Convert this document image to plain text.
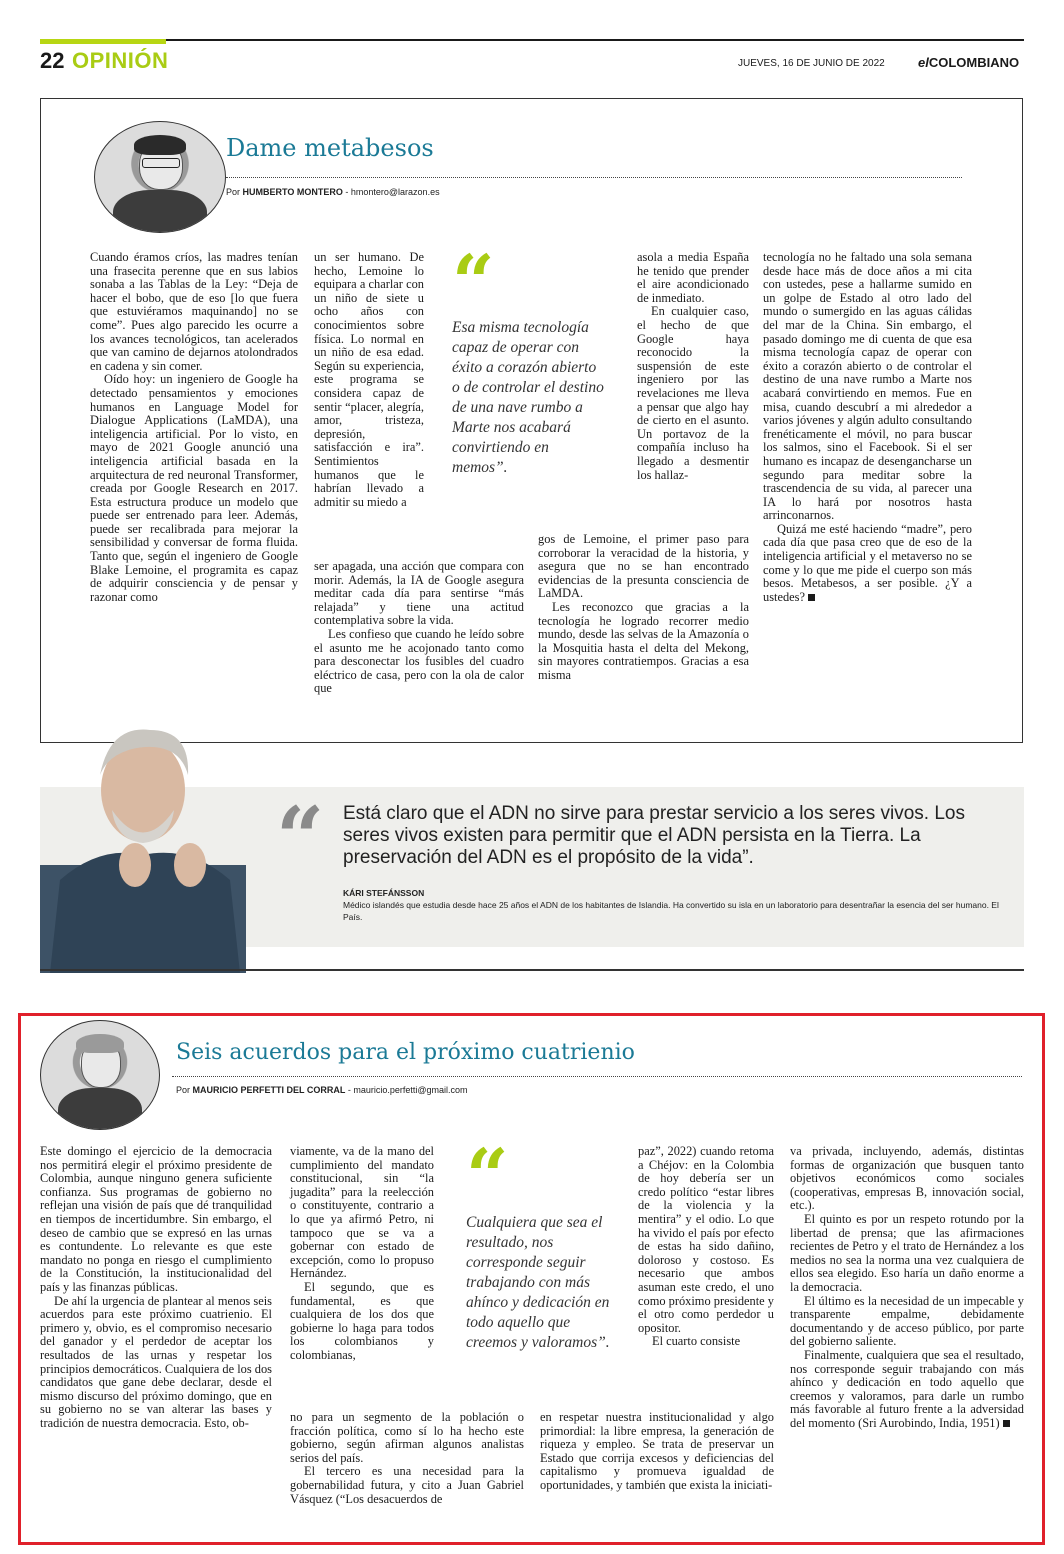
22 OPINIÓN	JUEVES, 16 DE JUNIO DE 2022	elCOLOMBIANO
Dame metabesos
Por HUMBERTO MONTERO - hmontero@larazon.es

Cuando éramos críos, las madres tenían una frasecita perenne que en sus labios sonaba a las Tablas de la Ley: “Deja de hacer el bobo, que de eso [lo que fuera que estuviéramos maquinando] no se come”. Pues algo parecido les ocurre a los avances tecnológicos, tan acelerados que van camino de dejarnos atolondrados en cadena y sin comer.

Oído hoy: un ingeniero de Google ha detectado pensamientos y emociones humanos en Language Model for Dialogue Applications (LaMDA), una inteligencia artificial. Por lo visto, en mayo de 2021 Google anunció una inteligencia artificial basada en la arquitectura de red neuronal Transformer, creada por Google Research en 2017. Esta estructura produce un modelo que puede ser entrenado para leer. Además, puede ser recalibrada para mejorar la sensibilidad y conversar de forma fluida. Tanto que, según el ingeniero de Google Blake Lemoine, el programita es capaz de adquirir consciencia y de pensar y razonar como

un ser humano. De hecho, Lemoine lo equipara a charlar con un niño de siete u ocho años con conocimientos sobre física. Lo normal en un niño de esa edad. Según su experiencia, este programa se considera capaz de sentir “placer, alegría, amor, tristeza, depresión, satisfacción e ira”. Sentimientos humanos que le habrían llevado a admitir su miedo a

ser apagada, una acción que compara con morir. Además, la IA de Google asegura meditar cada día para sentirse “más relajada” y tiene una actitud contemplativa sobre la vida.

Les confieso que cuando he leído sobre el asunto me he acojonado tanto como para desconectar los fusibles del cuadro eléctrico de casa, pero con la ola de calor que

“
Esa misma tecnología capaz de operar con éxito a corazón abierto o de controlar el destino de una nave rumbo a Marte nos acabará convirtiendo en memos”.

asola a media España he tenido que prender el aire acondicionado de inmediato.

En cualquier caso, el hecho de que Google haya reconocido la suspensión de este ingeniero por las revelaciones me lleva a pensar que algo hay de cierto en el asunto. Un portavoz de la compañía incluso ha llegado a desmentir los hallaz-

gos de Lemoine, el primer paso para corroborar la veracidad de la historia, y asegura que no se han encontrado evidencias de la presunta consciencia de LaMDA.

Les reconozco que gracias a la tecnología he logrado recorrer medio mundo, desde las selvas de la Amazonía o la Mosquitia hasta el delta del Mekong, sin mayores contratiempos. Gracias a esa misma

tecnología no he faltado una sola semana desde hace más de doce años a mi cita con ustedes, pese a hallarme sumido en un golpe de Estado al otro lado del mundo o sumergido en las aguas cálidas del mar de la China. Sin embargo, el pasado domingo me di cuenta de que esa misma tecnología capaz de operar con éxito a corazón abierto o de controlar el destino de una nave rumbo a Marte nos acabará convirtiendo en memos. Fue en misa, cuando descubrí a mi alrededor a varios jóvenes y algún adulto consultando frenéticamente el móvil, no para buscar los salmos, sino el Facebook. Si el ser humano es incapaz de desengancharse un segundo para meditar sobre la trascendencia de su vida, al parecer una IA lo hará por nosotros hasta arrinconarnos.

Quizá me esté haciendo “madre”, pero cada día que pasa creo que de eso de la inteligencia artificial y el metaverso no se come y lo que me pide el cuerpo son más besos. Metabesos, a ser posible. ¿Y a ustedes?

“ Está claro que el ADN no sirve para prestar servicio a los seres vivos. Los seres vivos existen para permitir que el ADN persista en la Tierra. La preservación del ADN es el propósito de la vida”.
KÁRI STEFÁNSSON
Médico islandés que estudia desde hace 25 años el ADN de los habitantes de Islandia. Ha convertido su isla en un laboratorio para desentrañar la esencia del ser humano. El País.
Seis acuerdos para el próximo cuatrienio
Por MAURICIO PERFETTI DEL CORRAL - mauricio.perfetti@gmail.com

Este domingo el ejercicio de la democracia nos permitirá elegir el próximo presidente de Colombia, aunque ninguno genera suficiente confianza. Sus programas de gobierno no reflejan una visión de país que dé tranquilidad en tiempos de incertidumbre. Sin embargo, el deseo de cambio que se expresó en las urnas es contundente. Lo relevante es que este mandato no ponga en riesgo el cumplimiento de la Constitución, la institucionalidad del país y las finanzas públicas.

De ahí la urgencia de plantear al menos seis acuerdos para este próximo cuatrienio. El primero y, obvio, es el compromiso necesario del ganador y el perdedor de aceptar los resultados de las urnas y respetar los principios democráticos. Cualquiera de los dos candidatos que gane debe declarar, desde el mismo discurso del próximo domingo, que en su gobierno no se van alterar las bases y tradición de nuestra democracia. Esto, ob-

viamente, va de la mano del cumplimiento del mandato constitucional, sin “la jugadita” para la reelección o constituyente, contrario a lo que ya afirmó Petro, ni tampoco que se va a gobernar con estado de excepción, como lo propuso Hernández.

El segundo, que es fundamental, es que cualquiera de los dos que gobierne lo haga para todos los colombianos y colombianas,

no para un segmento de la población o fracción política, como sí lo ha hecho este gobierno, según afirman algunos analistas serios del país.

El tercero es una necesidad para la gobernabilidad futura, y cito a Juan Gabriel Vásquez (“Los desacuerdos de

“
Cualquiera que sea el resultado, nos corresponde seguir trabajando con más ahínco y dedicación en todo aquello que creemos y valoramos”.

paz”, 2022) cuando retoma a Chéjov: en la Colombia de hoy debería ser un credo político “estar libres de la violencia y la mentira” y el odio. Lo que ha vivido el país por efecto de estas ha sido dañino, doloroso y costoso. Es necesario que ambos asuman este credo, el uno como próximo presidente y el otro como perdedor u opositor.

El cuarto consiste

en respetar nuestra institucionalidad y algo primordial: la libre empresa, la generación de riqueza y empleo. Se trata de preservar un Estado que corrija excesos y deficiencias del capitalismo y promueva igualdad de oportunidades, y también que exista la iniciati-

va privada, incluyendo, además, distintas formas de organización que busquen tanto objetivos económicos como sociales (cooperativas, empresas B, innovación social, etc.).

El quinto es por un respeto rotundo por la libertad de prensa; que las afirmaciones recientes de Petro y el trato de Hernández a los medios no sea la norma una vez cualquiera de ellos sea elegido. Eso haría un daño enorme a la democracia.

El último es la necesidad de un impecable y transparente empalme, debidamente documentando y de acceso público, por parte del gobierno saliente.

Finalmente, cualquiera que sea el resultado, nos corresponde seguir trabajando con más ahínco y dedicación en todo aquello que creemos y valoramos, para darle un rumbo más favorable al futuro frente a la adversidad del momento (Sri Aurobindo, India, 1951)
